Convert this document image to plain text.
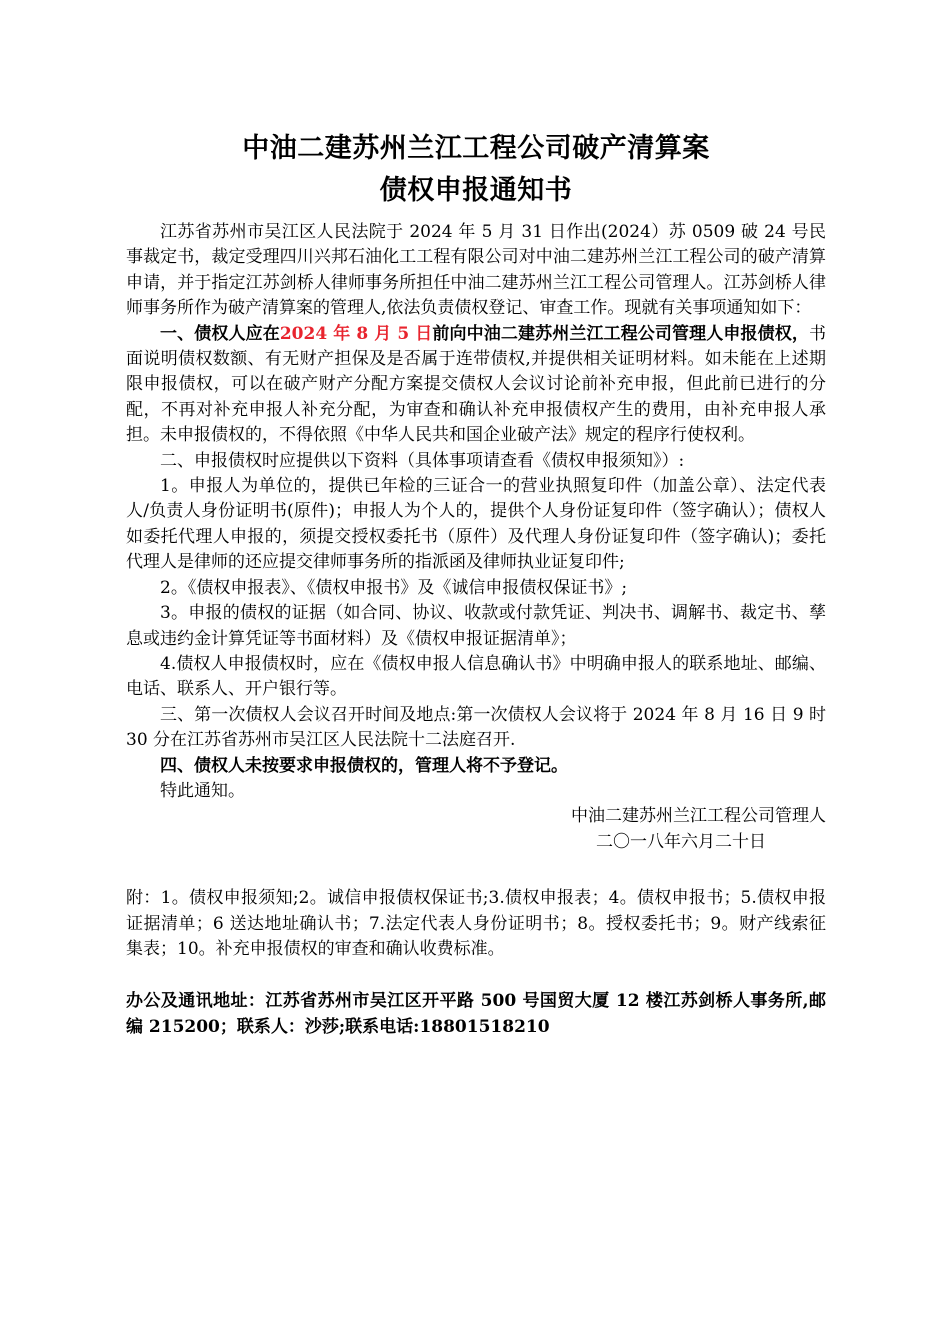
中油二建苏州兰江工程公司破产清算案
债权申报通知书

江苏省苏州市吴江区人民法院于 2024 年 5 月 31 日作出(2024）苏 0509 破 24 号民事裁定书，裁定受理四川兴邦石油化工工程有限公司对中油二建苏州兰江工程公司的破产清算申请，并于指定江苏剑桥人律师事务所担任中油二建苏州兰江工程公司管理人。江苏剑桥人律师事务所作为破产清算案的管理人,依法负责债权登记、审查工作。现就有关事项通知如下：

一、债权人应在2024 年 8 月 5 日前向中油二建苏州兰江工程公司管理人申报债权，书面说明债权数额、有无财产担保及是否属于连带债权,并提供相关证明材料。如未能在上述期限申报债权，可以在破产财产分配方案提交债权人会议讨论前补充申报，但此前已进行的分配，不再对补充申报人补充分配，为审查和确认补充申报债权产生的费用，由补充申报人承担。未申报债权的，不得依照《中华人民共和国企业破产法》规定的程序行使权利。

二、申报债权时应提供以下资料（具体事项请查看《债权申报须知》）:

1。申报人为单位的，提供已年检的三证合一的营业执照复印件（加盖公章）、法定代表人/负责人身份证明书(原件)；申报人为个人的，提供个人身份证复印件（签字确认）；债权人如委托代理人申报的，须提交授权委托书（原件）及代理人身份证复印件（签字确认)；委托代理人是律师的还应提交律师事务所的指派函及律师执业证复印件;

2。《债权申报表》、《债权申报书》及《诚信申报债权保证书》;

3。申报的债权的证据（如合同、协议、收款或付款凭证、判决书、调解书、裁定书、孳息或违约金计算凭证等书面材料）及《债权申报证据清单》；

4.债权人申报债权时，应在《债权申报人信息确认书》中明确申报人的联系地址、邮编、电话、联系人、开户银行等。

三、第一次债权人会议召开时间及地点:第一次债权人会议将于 2024 年 8 月 16 日 9 时 30 分在江苏省苏州市吴江区人民法院十二法庭召开.

四、债权人未按要求申报债权的，管理人将不予登记。

特此通知。

中油二建苏州兰江工程公司管理人

二〇一八年六月二十日

附：1。债权申报须知;2。诚信申报债权保证书;3.债权申报表；4。债权申报书；5.债权申报证据清单；6 送达地址确认书；7.法定代表人身份证明书；8。授权委托书；9。财产线索征集表；10。补充申报债权的审查和确认收费标准。

办公及通讯地址：江苏省苏州市吴江区开平路 500 号国贸大厦 12 楼江苏剑桥人事务所,邮编 215200；联系人：沙莎;联系电话:18801518210
